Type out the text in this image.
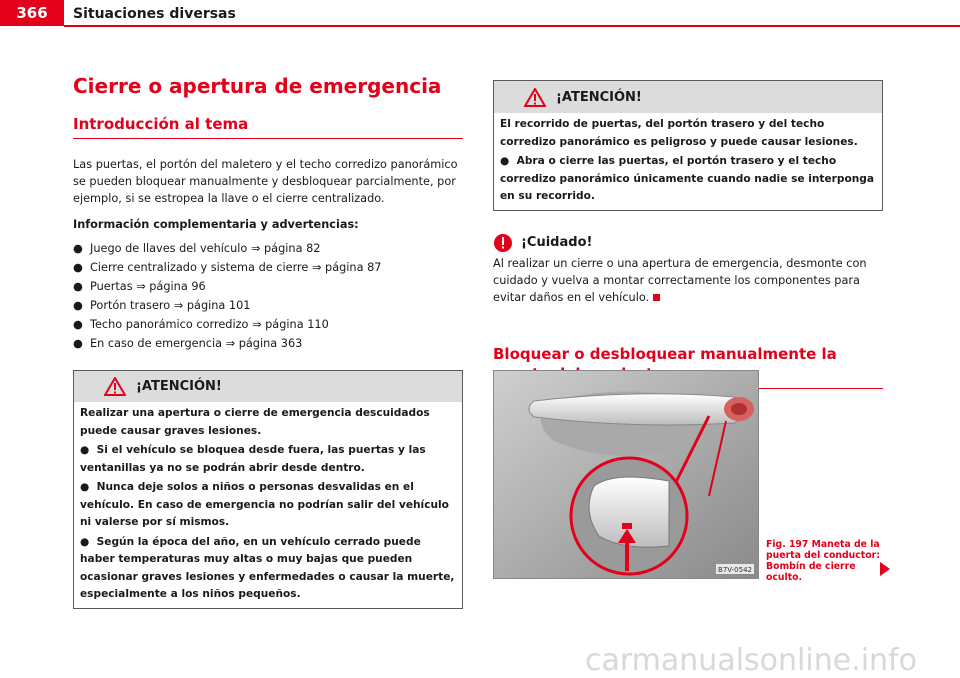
366	Situaciones diversas
Cierre o apertura de emergencia
Introducción al tema

Las puertas, el portón del maletero y el techo corredizo panorámico se pueden bloquear manualmente y desbloquear parcialmente, por ejemplo, si se estropea la llave o el cierre centralizado.

Información complementaria y advertencias:

● Juego de llaves del vehículo ⇒ página 82
● Cierre centralizado y sistema de cierre ⇒ página 87
● Puertas ⇒ página 96
● Portón trasero ⇒ página 101
● Techo panorámico corredizo ⇒ página 110
● En caso de emergencia ⇒ página 363
¡ATENCIÓN!
Realizar una apertura o cierre de emergencia descuidados puede causar graves lesiones.
●  Si el vehículo se bloquea desde fuera, las puertas y las ventanillas ya no se podrán abrir desde dentro.
●  Nunca deje solos a niños o personas desvalidas en el vehículo. En caso de emergencia no podrían salir del vehículo ni valerse por sí mismos.
●  Según la época del año, en un vehículo cerrado puede haber temperaturas muy altas o muy bajas que pueden ocasionar graves lesiones y enfermedades o causar la muerte, especialmente a los niños pequeños.
¡ATENCIÓN!
El recorrido de puertas, del portón trasero y del techo corredizo panorámico es peligroso y puede causar lesiones.
●  Abra o cierre las puertas, el portón trasero y el techo corredizo panorámico únicamente cuando nadie se interponga en su recorrido.
¡Cuidado!

Al realizar un cierre o una apertura de emergencia, desmonte con cuidado y vuelva a montar correctamente los componentes para evitar daños en el vehículo.

Bloquear o desbloquear manualmente la
B7V-0542
Fig. 197 Maneta de la puerta del conductor: Bombín de cierre oculto.
carmanualsonline.info
